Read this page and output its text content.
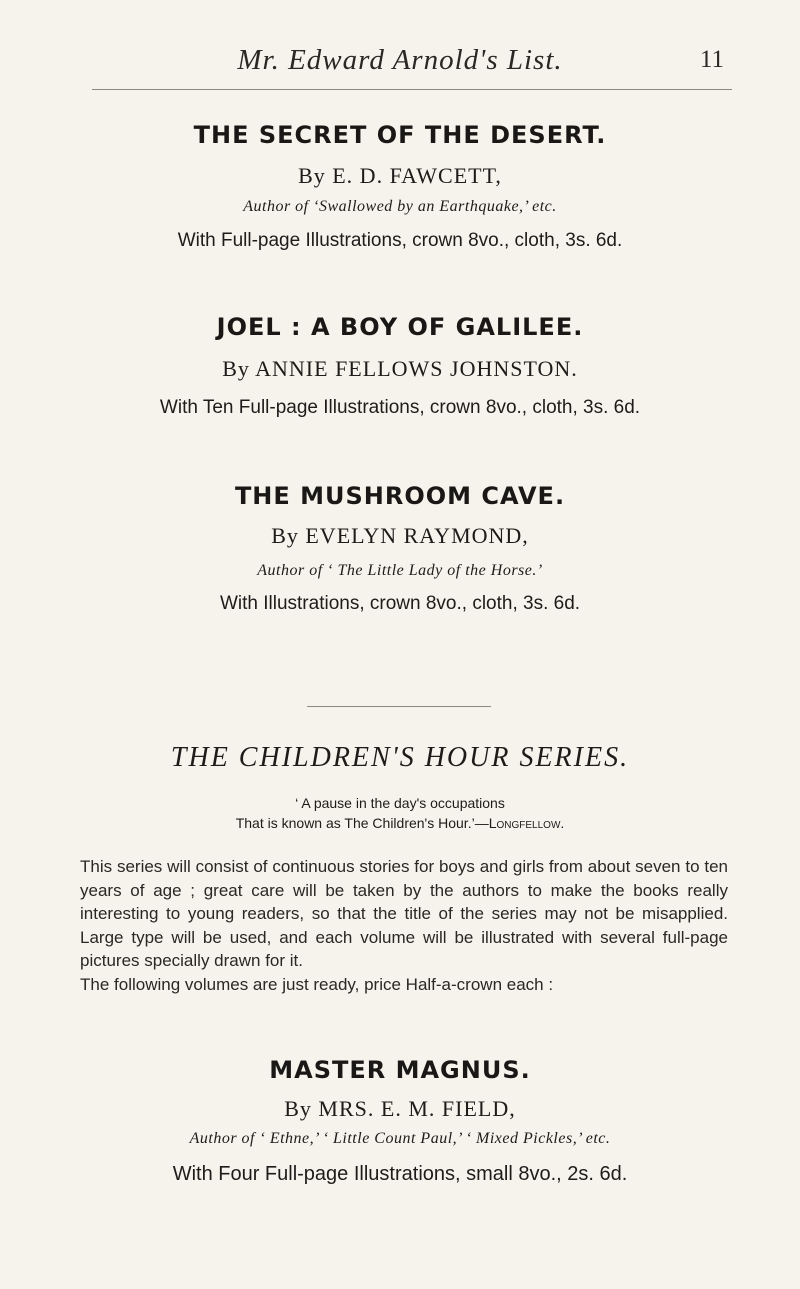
Mr. Edward Arnold's List.	11
THE SECRET OF THE DESERT.
By E. D. FAWCETT,
Author of ‘Swallowed by an Earthquake,’ etc.
With Full-page Illustrations, crown 8vo., cloth, 3s. 6d.
JOEL : A BOY OF GALILEE.
By ANNIE FELLOWS JOHNSTON.
With Ten Full-page Illustrations, crown 8vo., cloth, 3s. 6d.
THE MUSHROOM CAVE.
By EVELYN RAYMOND,
Author of ‘ The Little Lady of the Horse.’
With Illustrations, crown 8vo., cloth, 3s. 6d.
THE CHILDREN'S HOUR SERIES.
‘ A pause in the day's occupations
That is known as The Children's Hour.’—Longfellow.

This series will consist of continuous stories for boys and girls from about seven to ten years of age ; great care will be taken by the authors to make the books really interesting to young readers, so that the title of the series may not be misapplied. Large type will be used, and each volume will be illustrated with several full-page pictures specially drawn for it.

The following volumes are just ready, price Half-a-crown each :

MASTER MAGNUS.
By MRS. E. M. FIELD,
Author of ‘ Ethne,’ ‘ Little Count Paul,’ ‘ Mixed Pickles,’ etc.
With Four Full-page Illustrations, small 8vo., 2s. 6d.
